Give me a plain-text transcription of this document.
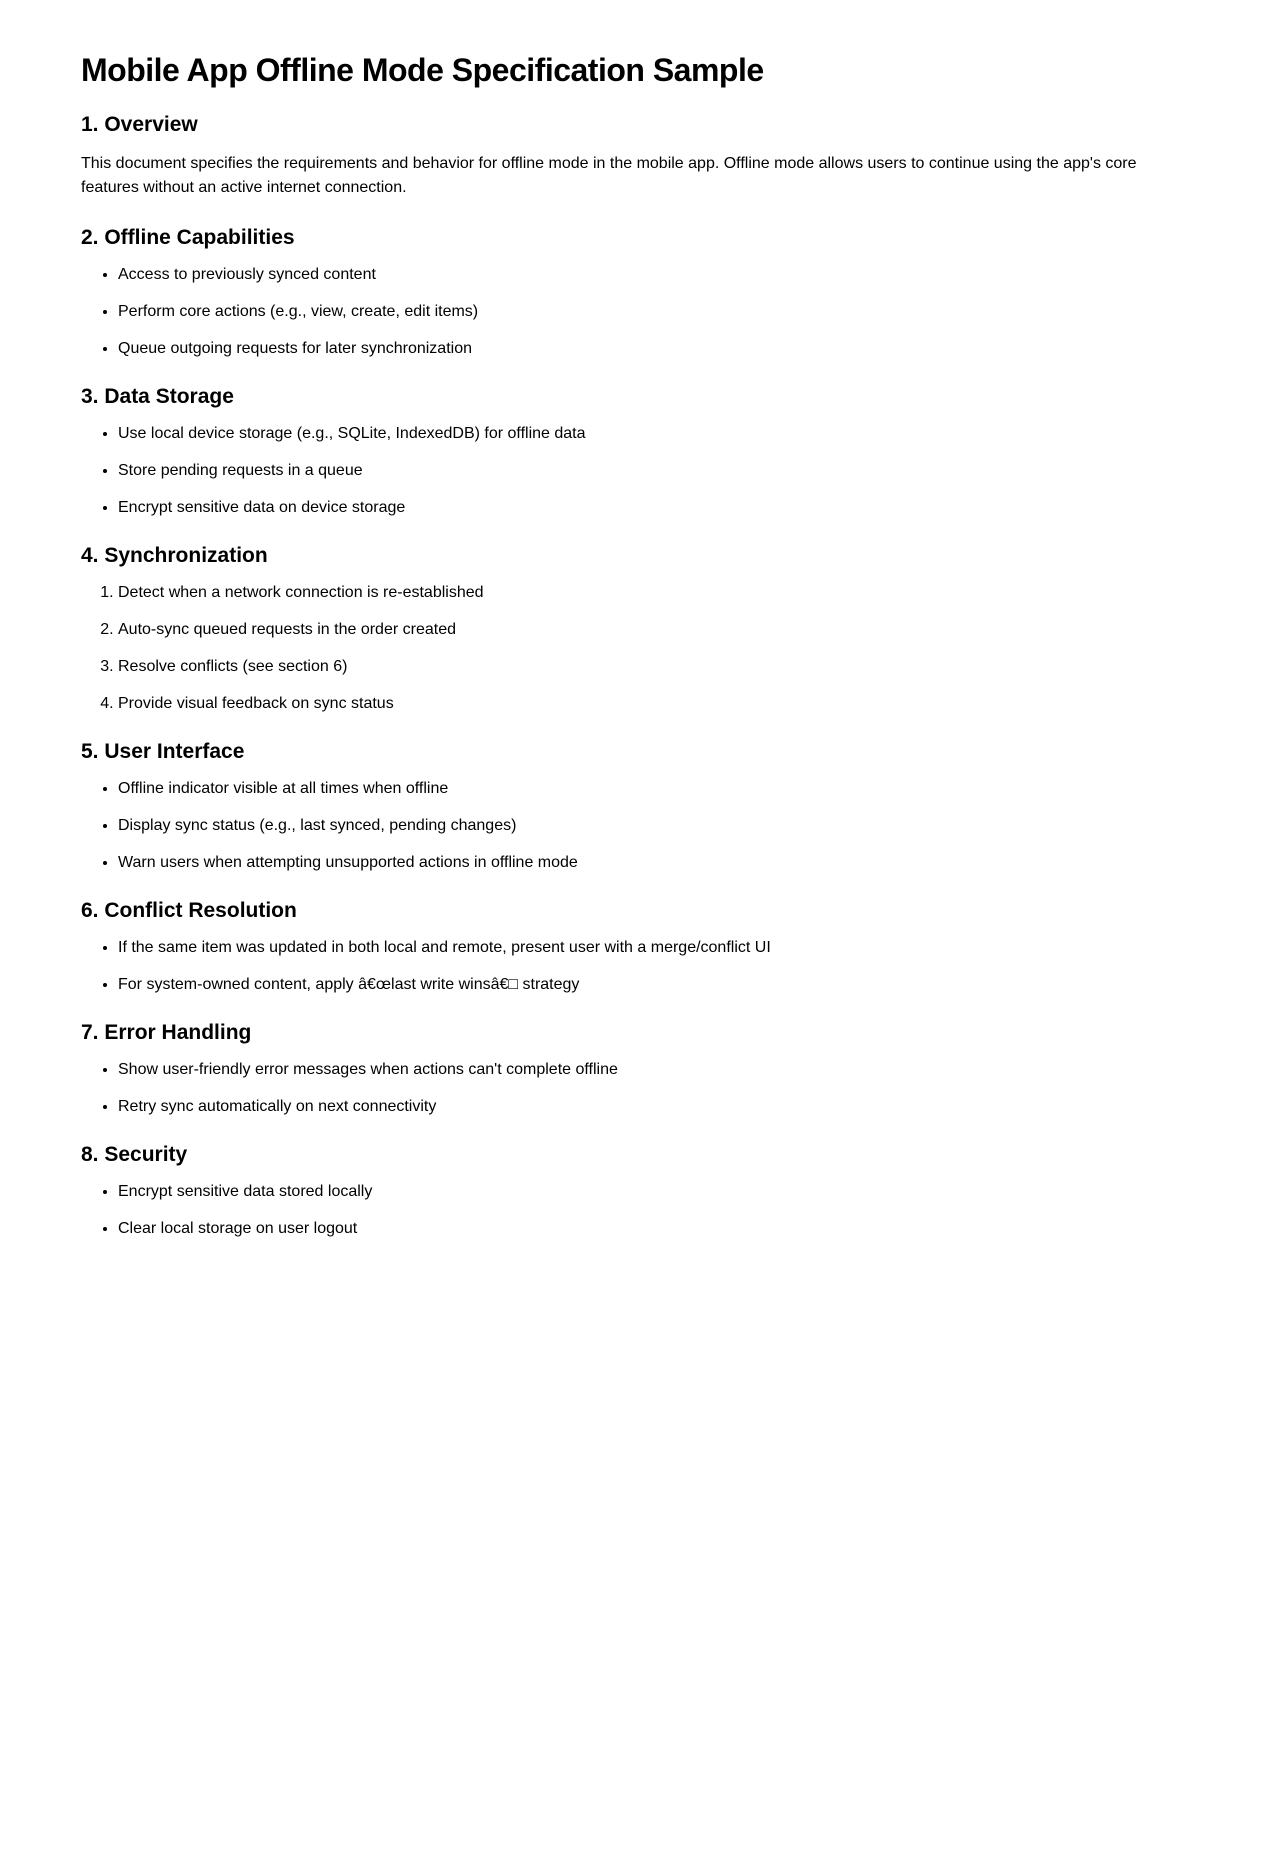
Mobile App Offline Mode Specification Sample
1. Overview

This document specifies the requirements and behavior for offline mode in the mobile app. Offline mode allows users to continue using the app's core features without an active internet connection.

2. Offline Capabilities
• Access to previously synced content
• Perform core actions (e.g., view, create, edit items)
• Queue outgoing requests for later synchronization
3. Data Storage
• Use local device storage (e.g., SQLite, IndexedDB) for offline data
• Store pending requests in a queue
• Encrypt sensitive data on device storage
4. Synchronization
1. Detect when a network connection is re-established
2. Auto-sync queued requests in the order created
3. Resolve conflicts (see section 6)
4. Provide visual feedback on sync status
5. User Interface
• Offline indicator visible at all times when offline
• Display sync status (e.g., last synced, pending changes)
• Warn users when attempting unsupported actions in offline mode
6. Conflict Resolution
• If the same item was updated in both local and remote, present user with a merge/conflict UI
• For system-owned content, apply â€œlast write winsâ€□ strategy
7. Error Handling
• Show user-friendly error messages when actions can't complete offline
• Retry sync automatically on next connectivity
8. Security
• Encrypt sensitive data stored locally
• Clear local storage on user logout
